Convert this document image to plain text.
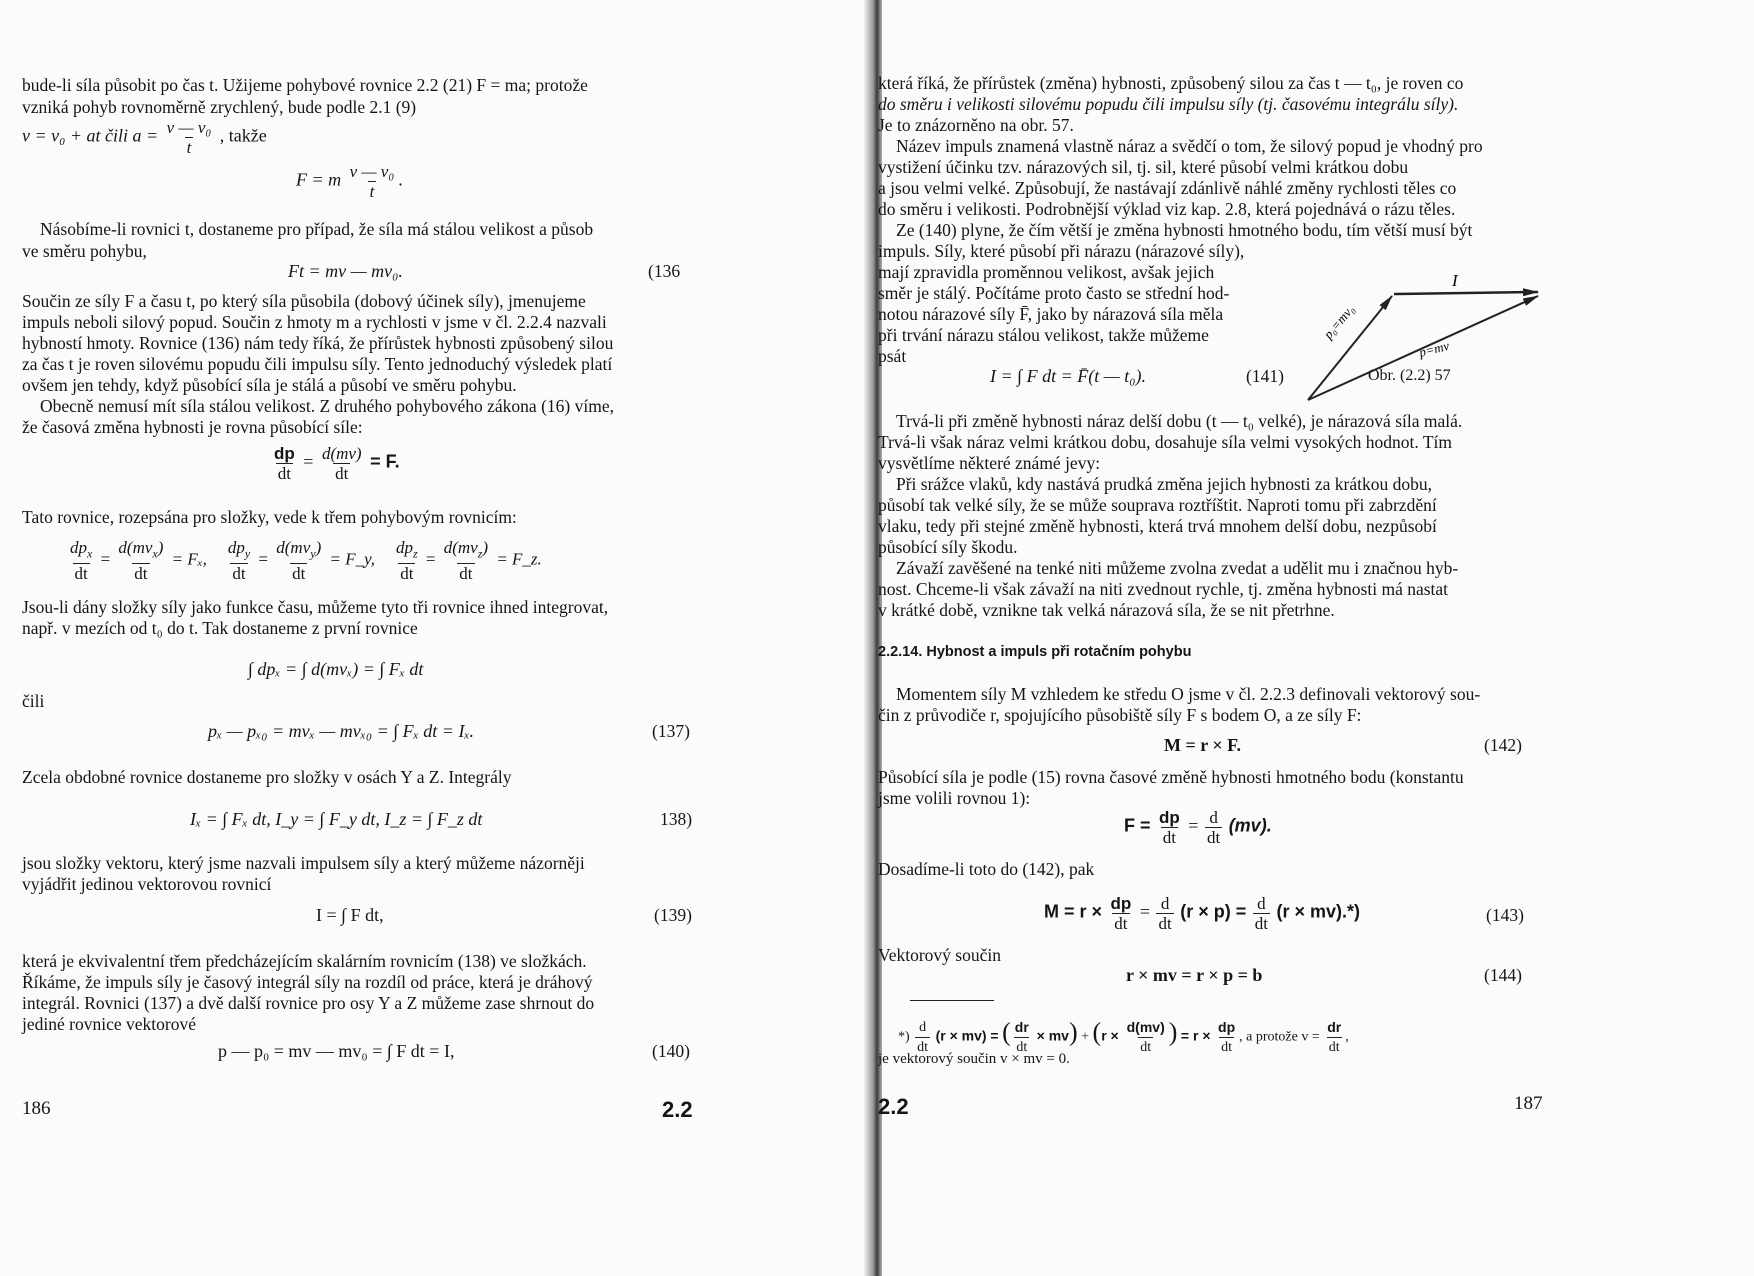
bude-li síla působit po čas t. Užijeme pohybové rovnice 2.2 (21) F = ma; protože
vzniká pohyb rovnoměrně zrychlený, bude podle 2.1 (9)
v = v₀ + at čili $a = \frac{\text{v — v₀}}{t}$ , takže
F = m $\frac{\text{v — v₀}}{t}$ .
Násobíme-li rovnici t, dostaneme pro případ, že síla má stálou velikost a působ
ve směru pohybu,
Ft = mv — mv₀.	(136
Součin ze síly F a času t, po který síla působila (dobový účinek síly), jmenujeme
impuls neboli silový popud. Součin z hmoty m a rychlosti v jsme v čl. 2.2.4 nazvali
hybností hmoty. Rovnice (136) nám tedy říká, že přírůstek hybnosti způsobený silou
za čas t je roven silovému popudu čili impulsu síly. Tento jednoduchý výsledek platí
ovšem jen tehdy, když působící síla je stálá a působí ve směru pohybu.
Obecně nemusí mít síla stálou velikost. Z druhého pohybového zákona (16) víme,
že časová změna hybnosti je rovna působící síle:
$\frac{dp}{dt} = \frac{d(mv)}{dt} = F$.
Tato rovnice, rozepsána pro složky, vede k třem pohybovým rovnicím:
$\frac{dp_x}{dt} = \frac{d(mv_x)}{dt} = F_x$, $\frac{dp_y}{dt} = \frac{d(mv_y)}{dt}$ = F_y, $\frac{dp_z}{dt} = \frac{d(mv_z)}{dt}$ = F_z.
Jsou-li dány složky síly jako funkce času, můžeme tyto tři rovnice ihned integrovat,
např. v mezích od t₀ do t. Tak dostaneme z první rovnice
∫ dpₓ = ∫ d(mvₓ) = ∫ Fₓ dt
čili
pₓ — pₓ₀ = mvₓ — mvₓ₀ = ∫ Fₓ dt = Iₓ.	(137)
Zcela obdobné rovnice dostaneme pro složky v osách Y a Z. Integrály
Iₓ = ∫ Fₓ dt, I_y = ∫ F_y dt, I_z = ∫ F_z dt	138)
jsou složky vektoru, který jsme nazvali impulsem síly a který můžeme názorněji
vyjádřit jedinou vektorovou rovnicí
I = ∫ F dt,	(139)
která je ekvivalentní třem předcházejícím skalárním rovnicím (138) ve složkách.
Říkáme, že impuls síly je časový integrál síly na rozdíl od práce, která je dráhový
integrál. Rovnici (137) a dvě další rovnice pro osy Y a Z můžeme zase shrnout do
jediné rovnice vektorové
p — p₀ = mv — mv₀ = ∫ F dt = I,	(140)
186	2.2
která říká, že přírůstek (změna) hybnosti, způsobený silou za čas t — t₀, je roven co
do směru i velikosti silovému popudu čili impulsu síly (tj. časovému integrálu síly).
Je to znázorněno na obr. 57.
Název impuls znamená vlastně náraz a svědčí o tom, že silový popud je vhodný pro
vystižení účinku tzv. nárazových sil, tj. sil, které působí velmi krátkou dobu
a jsou velmi velké. Způsobují, že nastávají zdánlivě náhlé změny rychlosti těles co
do směru i velikosti. Podrobnější výklad viz kap. 2.8, která pojednává o rázu těles.
Ze (140) plyne, že čím větší je změna hybnosti hmotného bodu, tím větší musí být
impuls. Síly, které působí při nárazu (nárazové síly),
mají zpravidla proměnnou velikost, avšak jejich
směr je stálý. Počítáme proto často se střední hod-
notou nárazové síly F̄, jako by nárazová síla měla
při trvání nárazu stálou velikost, takže můžeme
psát
I
p₀=mv₀
p=mv
I = ∫ F dt = F̄(t — t₀).	(141)	Obr. (2.2) 57
Trvá-li při změně hybnosti náraz delší dobu (t — t₀ velké), je nárazová síla malá.
Trvá-li však náraz velmi krátkou dobu, dosahuje síla velmi vysokých hodnot. Tím
vysvětlíme některé známé jevy:
Při srážce vlaků, kdy nastává prudká změna jejich hybnosti za krátkou dobu,
působí tak velké síly, že se může souprava roztříštit. Naproti tomu při zabrzdění
vlaku, tedy při stejné změně hybnosti, která trvá mnohem delší dobu, nezpůsobí
působící síly škodu.
Závaží zavěšené na tenké niti můžeme zvolna zvedat a udělit mu i značnou hyb-
nost. Chceme-li však závaží na niti zvednout rychle, tj. změna hybnosti má nastat
v krátké době, vznikne tak velká nárazová síla, že se nit přetrhne.
2.2.14. Hybnost a impuls při rotačním pohybu
Momentem síly M vzhledem ke středu O jsme v čl. 2.2.3 definovali vektorový sou-
čin z průvodiče r, spojujícího působiště síly F s bodem O, a ze síly F:
M = r × F.	(142)
Působící síla je podle (15) rovna časové změně hybnosti hmotného bodu (konstantu
jsme volili rovnou 1):
$F = \frac{dp}{dt} = \frac{d}{dt} (mv)$.
Dosadíme-li toto do (142), pak
$M = r \times \frac{dp}{dt} = \frac{d}{dt} (r \times p) = \frac{d}{dt} (r \times mv).*$)	(143)
Vektorový součin
r × mv = r × p = b	(144)
*) $\frac{d}{dt} (r \times mv)$ = ( $\frac{dr}{dt} \times mv) + (r \times \frac{d(mv)}{dt}$ ) = $r \times \frac{dp}{dt}$ , a protože $v = \frac{dr}{dt}$ ,
je vektorový součin v × mv = 0.
2.2	187
